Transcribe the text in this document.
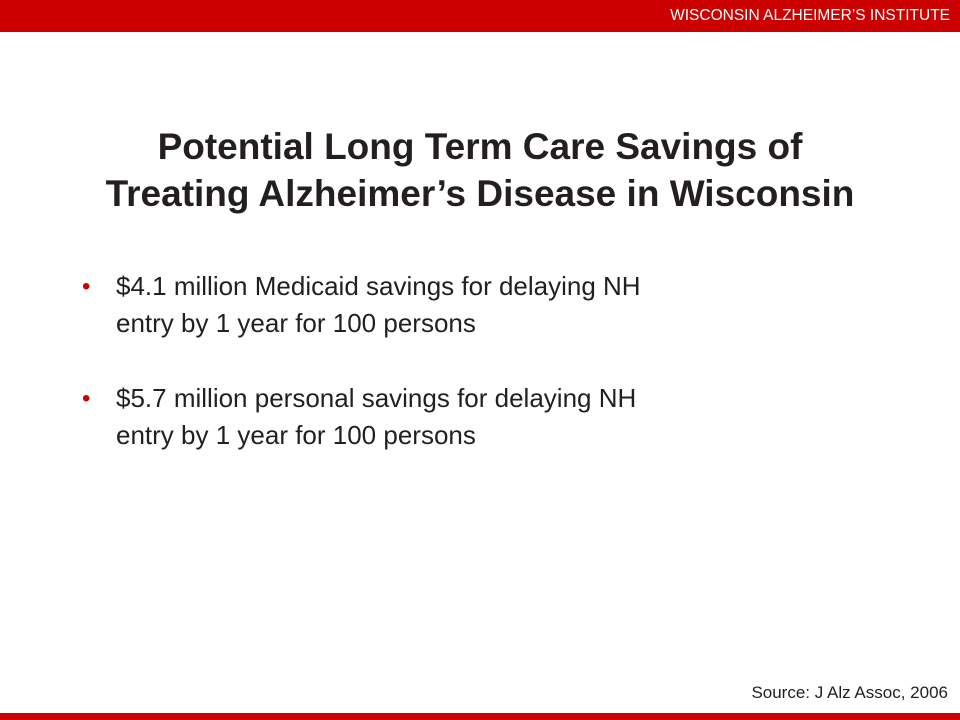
WISCONSIN ALZHEIMER’S INSTITUTE
Potential Long Term Care Savings of
Treating Alzheimer’s Disease in Wisconsin
• $4.1 million Medicaid savings for delaying NH
entry by 1 year for 100 persons
• $5.7 million personal savings for delaying NH
entry by 1 year for 100 persons
Source: J Alz Assoc, 2006
